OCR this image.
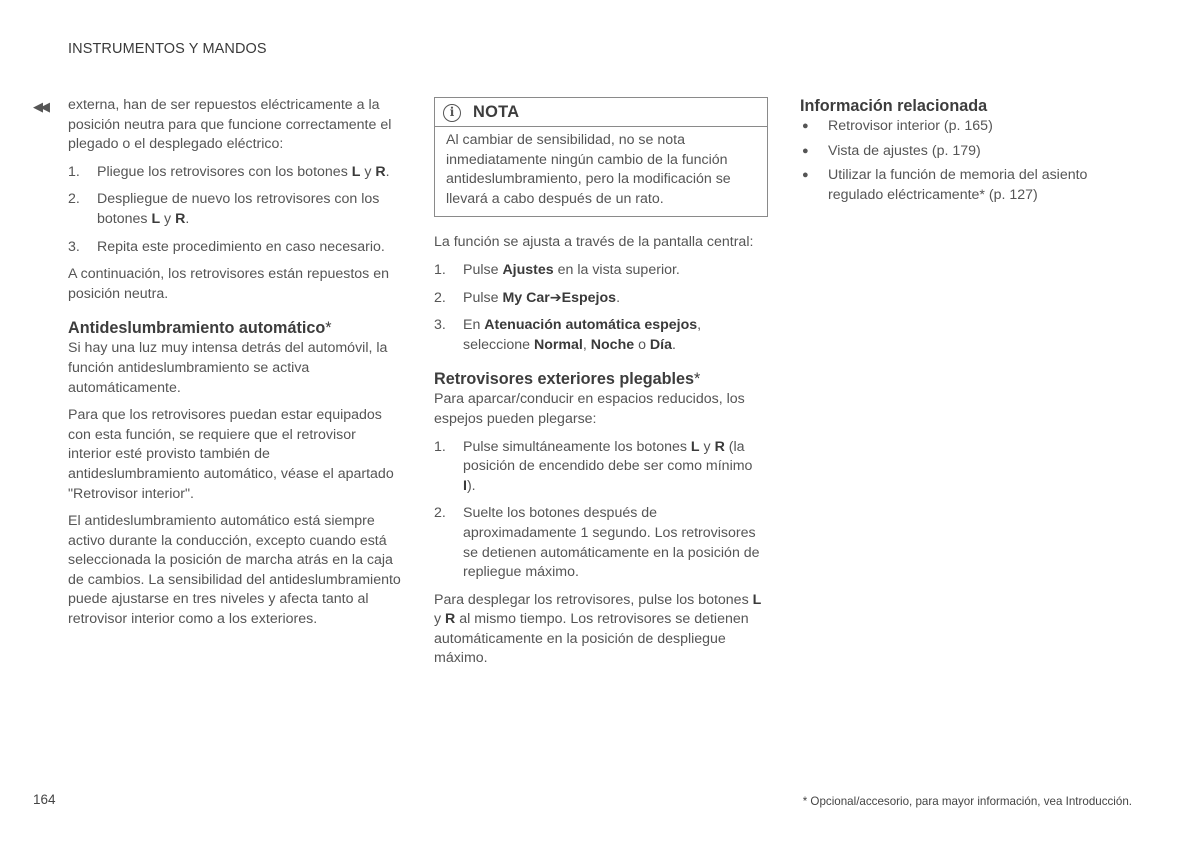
INSTRUMENTOS Y MANDOS
◀◀ externa, han de ser repuestos eléctricamente a la posición neutra para que funcione correctamente el plegado o el desplegado eléctrico:

1.	Pliegue los retrovisores con los botones L y R.
2.	Despliegue de nuevo los retrovisores con los botones L y R.
3.	Repita este procedimiento en caso necesario.

A continuación, los retrovisores están repuestos en posición neutra.

Antideslumbramiento automático*

Si hay una luz muy intensa detrás del automóvil, la función antideslumbramiento se activa automáticamente.

Para que los retrovisores puedan estar equipados con esta función, se requiere que el retrovisor interior esté provisto también de antideslumbramiento automático, véase el apartado "Retrovisor interior".

El antideslumbramiento automático está siempre activo durante la conducción, excepto cuando está seleccionada la posición de marcha atrás en la caja de cambios. La sensibilidad del antideslumbramiento puede ajustarse en tres niveles y afecta tanto al retrovisor interior como a los exteriores.

i	NOTA
Al cambiar de sensibilidad, no se nota inmediatamente ningún cambio de la función antideslumbramiento, pero la modificación se llevará a cabo después de un rato.

La función se ajusta a través de la pantalla central:

1.	Pulse Ajustes en la vista superior.
2.	Pulse My Car➔Espejos.
3.	En Atenuación automática espejos, seleccione Normal, Noche o Día.
Retrovisores exteriores plegables*

Para aparcar/conducir en espacios reducidos, los espejos pueden plegarse:

1.	Pulse simultáneamente los botones L y R (la posición de encendido debe ser como mínimo I).
2.	Suelte los botones después de aproximadamente 1 segundo. Los retrovisores se detienen automáticamente en la posición de repliegue máximo.

Para desplegar los retrovisores, pulse los botones L y R al mismo tiempo. Los retrovisores se detienen automáticamente en la posición de despliegue máximo.

Información relacionada
●	Retrovisor interior (p. 165)
●	Vista de ajustes (p. 179)
●	Utilizar la función de memoria del asiento regulado eléctricamente* (p. 127)
164	* Opcional/accesorio, para mayor información, vea Introducción.
